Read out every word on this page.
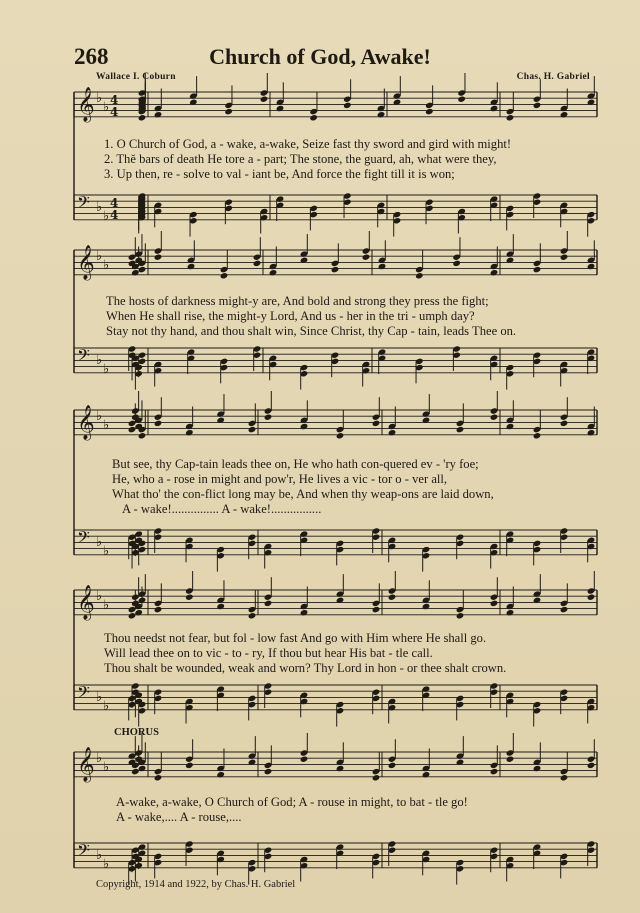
268	Church of God, Awake!
Wallace I. Coburn	Chas. H. Gabriel
𝄞 ♭
♭ 4
4
𝄢 ♭
♭
4
4
𝄞 ♭
♭
𝄢 ♭
♭
𝄞 ♭
♭
𝄢 ♭
♭
𝄞 ♭
♭
𝄢 ♭
♭
𝄞 ♭
♭
𝄢 ♭
♭
1. O Church of God, a - wake, a-wake, Seize fast thy sword and gird with might!
2. Thĕ bars of death He tore a - part; The stone, the guard, ah, what were they,
3. Up then, re - solve to val - iant be, And force the fight till it is won;
The hosts of darkness might-y are, And bold and strong they press the fight;
When He shall rise, the might-y Lord, And us - her in the tri - umph day?
Stay not thy hand, and thou shalt win, Since Christ, thy Cap - tain, leads Thee on.
But see, thy Cap-tain leads thee on, He who hath con-quered ev - 'ry foe;
He, who a - rose in might and pow'r, He lives a vic - tor o - ver all,
What tho' the con-flict long may be, And when thy weap-ons are laid down,
A - wake!............... A - wake!................
Thou needst not fear, but fol - low fast And go with Him where He shall go.
Will lead thee on to vic - to - ry, If thou but hear His bat - tle call.
Thou shalt be wounded, weak and worn? Thy Lord in hon - or thee shalt crown.
CHORUS
A-wake, a-wake, O Church of God; A - rouse in might, to bat - tle go!
A - wake,.... A - rouse,....
Copyright, 1914 and 1922, by Chas. H. Gabriel
